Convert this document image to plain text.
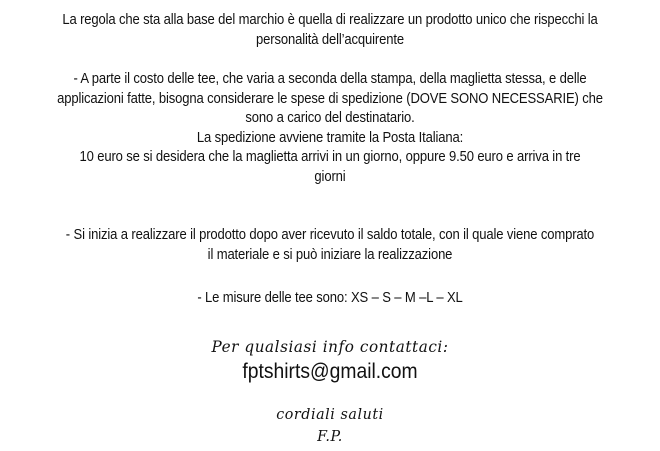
La regola che sta alla base del marchio è quella di realizzare un prodotto unico che rispecchi la
personalità dell’acquirente

- A parte il costo delle tee, che varia a seconda della stampa, della maglietta stessa, e delle
applicazioni fatte, bisogna considerare le spese di spedizione (DOVE SONO NECESSARIE) che
sono a carico del destinatario.
La spedizione avviene tramite la Posta Italiana:
10 euro se si desidera che la maglietta arrivi in un giorno, oppure 9.50 euro e arriva in tre
giorni

- Si inizia a realizzare il prodotto dopo aver ricevuto il saldo totale, con il quale viene comprato
il materiale e si può iniziare la realizzazione

- Le misure delle tee sono: XS – S – M –L – XL

Per qualsiasi info contattaci:
fptshirts@gmail.com
cordiali saluti
F.P.
